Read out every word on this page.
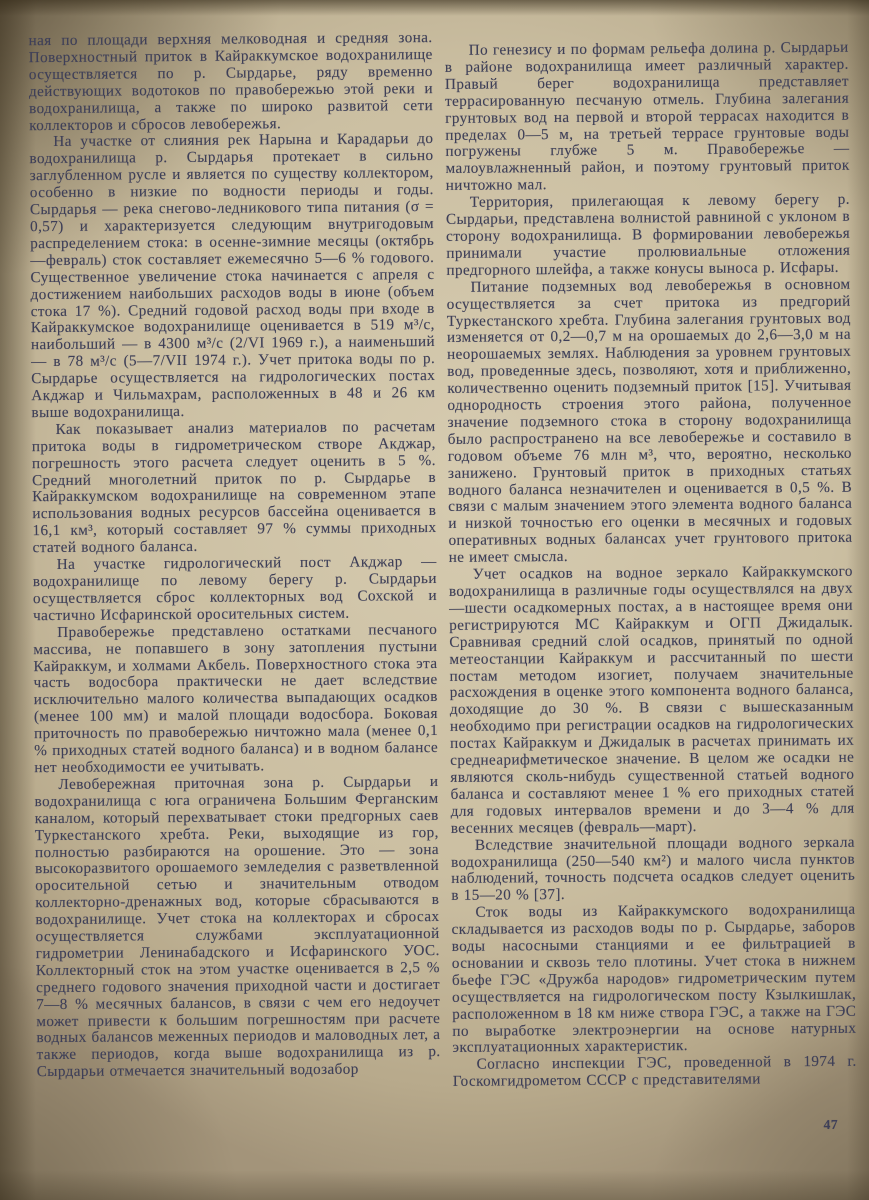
ная по площади верхняя мелководная и средняя зона. Поверхностный приток в Кайраккумское водохранилище осуществляется по р. Сырдарье, ряду временно действующих водотоков по правобережью этой реки и водохранилища, а также по широко развитой сети коллекторов и сбросов левобережья.

На участке от слияния рек Нарына и Карадарьи до водохранилища р. Сырдарья протекает в сильно заглубленном русле и является по существу коллектором, особенно в низкие по водности периоды и годы. Сырдарья — река снегово-ледникового типа питания (σ = 0,57) и характеризуется следующим внутригодовым распределением стока: в осенне-зимние месяцы (октябрь—февраль) сток составляет ежемесячно 5—6 % годового. Существенное увеличение стока начинается с апреля с достижением наибольших расходов воды в июне (объем стока 17 %). Средний годовой расход воды при входе в Кайраккумское водохранилище оценивается в 519 м³/с, наибольший — в 4300 м³/с (2/VI 1969 г.), а наименьший — в 78 м³/с (5—7/VII 1974 г.). Учет притока воды по р. Сырдарье осуществляется на гидрологических постах Акджар и Чильмахрам, расположенных в 48 и 26 км выше водохранилища.

Как показывает анализ материалов по расчетам притока воды в гидрометрическом створе Акджар, погрешность этого расчета следует оценить в 5 %. Средний многолетний приток по р. Сырдарье в Кайраккумском водохранилище на современном этапе использования водных ресурсов бассейна оценивается в 16,1 км³, который составляет 97 % суммы приходных статей водного баланса.

На участке гидрологический пост Акджар — водохранилище по левому берегу р. Сырдарьи осуществляется сброс коллекторных вод Сохской и частично Исфаринской оросительных систем.

Правобережье представлено остатками песчаного массива, не попавшего в зону затопления пустыни Кайраккум, и холмами Акбель. Поверхностного стока эта часть водосбора практически не дает вследствие исключительно малого количества выпадающих осадков (менее 100 мм) и малой площади водосбора. Боковая приточность по правобережью ничтожно мала (менее 0,1 % приходных статей водного баланса) и в водном балансе нет необходимости ее учитывать.

Левобережная приточная зона р. Сырдарьи и водохранилища с юга ограничена Большим Ферганским каналом, который перехватывает стоки предгорных саев Туркестанского хребта. Реки, выходящие из гор, полностью разбираются на орошение. Это — зона высокоразвитого орошаемого земледелия с разветвленной оросительной сетью и значительным отводом коллекторно-дренажных вод, которые сбрасываются в водохранилище. Учет стока на коллекторах и сбросах осуществляется службами эксплуатационной гидрометрии Ленинабадского и Исфаринского УОС. Коллекторный сток на этом участке оценивается в 2,5 % среднего годового значения приходной части и достигает 7—8 % месячных балансов, в связи с чем его недоучет может привести к большим погрешностям при расчете водных балансов меженных периодов и маловодных лет, а также периодов, когда выше водохранилища из р. Сырдарьи отмечается значительный водозабор

По генезису и по формам рельефа долина р. Сырдарьи в районе водохранилища имеет различный характер. Правый берег водохранилища представляет террасированную песчаную отмель. Глубина залегания грунтовых вод на первой и второй террасах находится в пределах 0—5 м, на третьей террасе грунтовые воды погружены глубже 5 м. Правобережье — малоувлажненный район, и поэтому грунтовый приток ничтожно мал.

Территория, прилегающая к левому берегу р. Сырдарьи, представлена волнистой равниной с уклоном в сторону водохранилища. В формировании левобережья принимали участие пролювиальные отложения предгорного шлейфа, а также конусы выноса р. Исфары.

Питание подземных вод левобережья в основном осуществляется за счет притока из предгорий Туркестанского хребта. Глубина залегания грунтовых вод изменяется от 0,2—0,7 м на орошаемых до 2,6—3,0 м на неорошаемых землях. Наблюдения за уровнем грунтовых вод, проведенные здесь, позволяют, хотя и приближенно, количественно оценить подземный приток [15]. Учитывая однородность строения этого района, полученное значение подземного стока в сторону водохранилища было распространено на все левобережье и составило в годовом объеме 76 млн м³, что, вероятно, несколько занижено. Грунтовый приток в приходных статьях водного баланса незначителен и оценивается в 0,5 %. В связи с малым значением этого элемента водного баланса и низкой точностью его оценки в месячных и годовых оперативных водных балансах учет грунтового притока не имеет смысла.

Учет осадков на водное зеркало Кайраккумского водохранилища в различные годы осуществлялся на двух—шести осадкомерных постах, а в настоящее время они регистрируются МС Кайраккум и ОГП Джидалык. Сравнивая средний слой осадков, принятый по одной метеостанции Кайраккум и рассчитанный по шести постам методом изогиет, получаем значительные расхождения в оценке этого компонента водного баланса, доходящие до 30 %. В связи с вышесказанным необходимо при регистрации осадков на гидрологических постах Кайраккум и Джидалык в расчетах принимать их среднеарифметическое значение. В целом же осадки не являются сколь-нибудь существенной статьей водного баланса и составляют менее 1 % его приходных статей для годовых интервалов времени и до 3—4 % для весенних месяцев (февраль—март).

Вследствие значительной площади водного зеркала водохранилища (250—540 км²) и малого числа пунктов наблюдений, точность подсчета осадков следует оценить в 15—20 % [37].

Сток воды из Кайраккумского водохранилища складывается из расходов воды по р. Сырдарье, заборов воды насосными станциями и ее фильтрацией в основании и сквозь тело плотины. Учет стока в нижнем бьефе ГЭС «Дружба народов» гидрометрическим путем осуществляется на гидрологическом посту Кзылкишлак, расположенном в 18 км ниже створа ГЭС, а также на ГЭС по выработке электроэнергии на основе натурных эксплуатационных характеристик.

Согласно инспекции ГЭС, проведенной в 1974 г. Госкомгидрометом СССР с представителями

47
